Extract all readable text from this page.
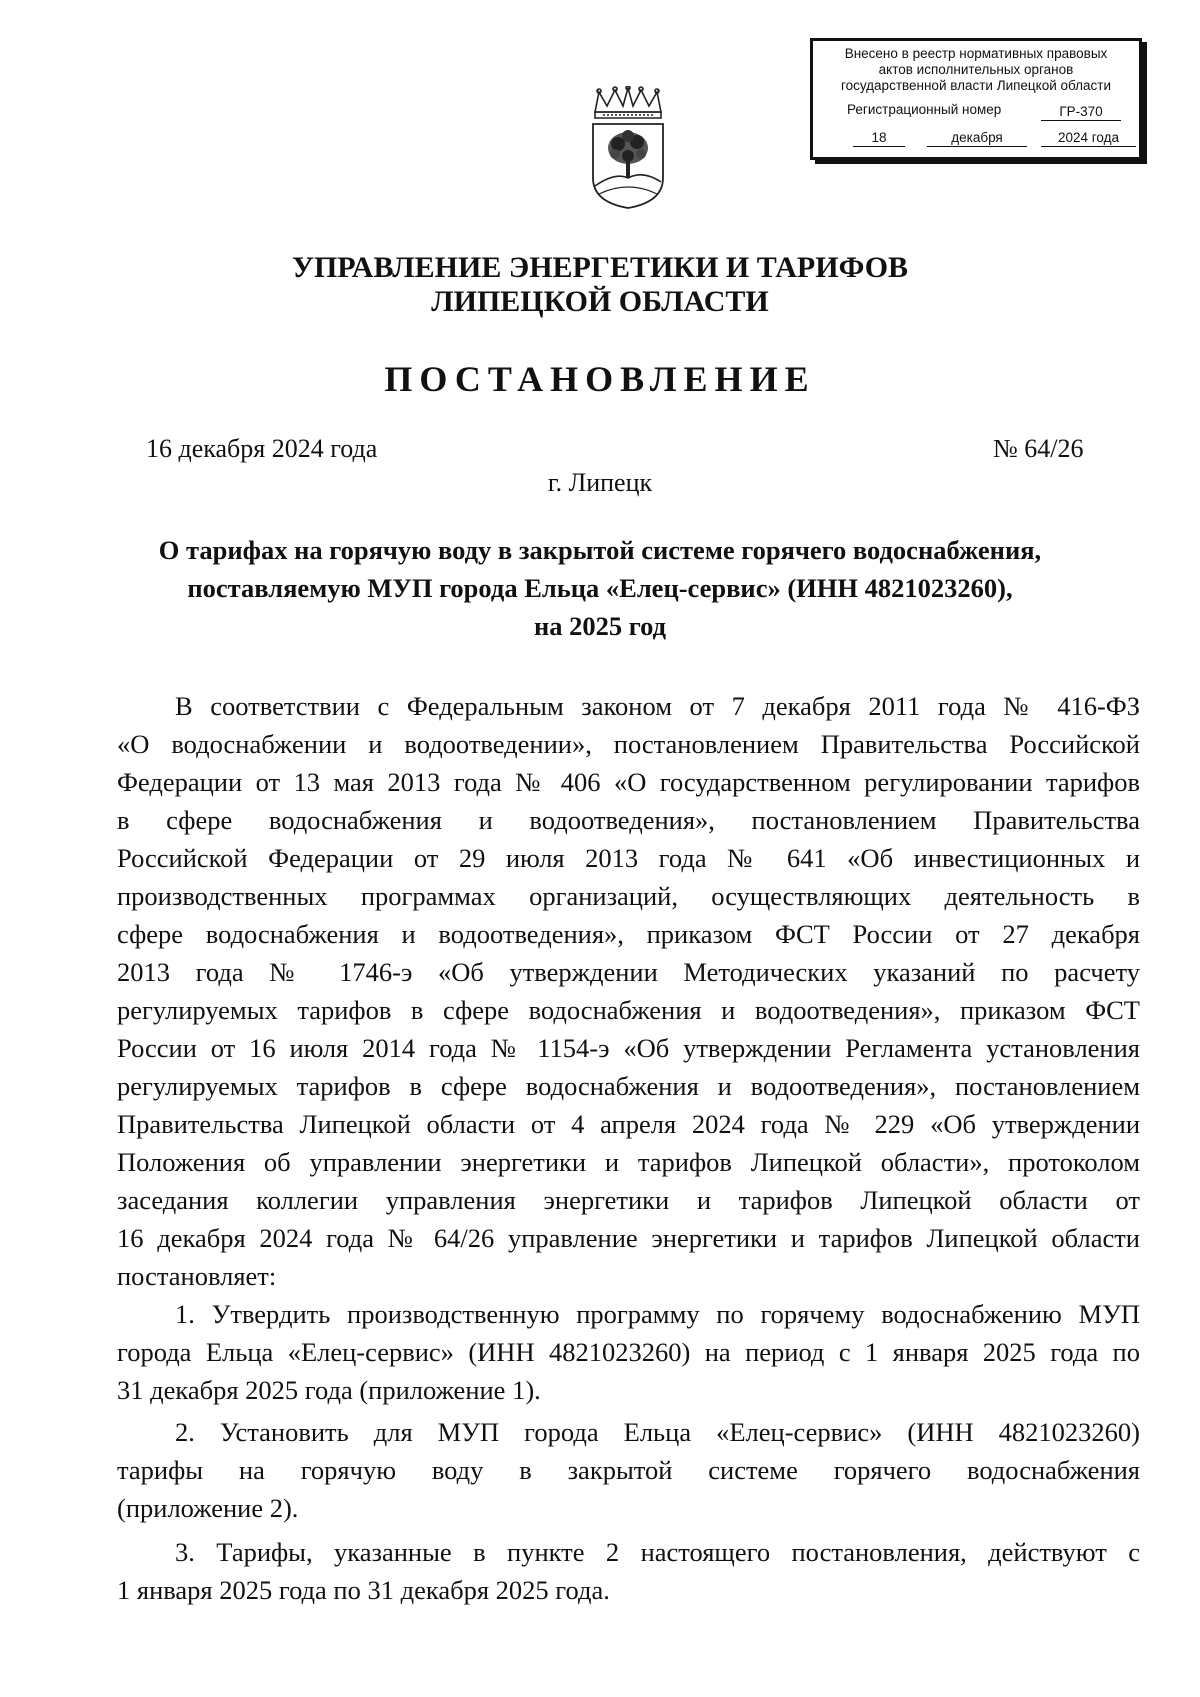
Внесено в реестр нормативных правовых
актов исполнительных органов
государственной власти Липецкой области
Регистрационный номер	ГР-370
18	декабря	2024 года
УПРАВЛЕНИЕ ЭНЕРГЕТИКИ И ТАРИФОВ
ЛИПЕЦКОЙ ОБЛАСТИ
ПОСТАНОВЛЕНИЕ
16 декабря 2024 года	№ 64/26
г. Липецк
О тарифах на горячую воду в закрытой системе горячего водоснабжения,
поставляемую МУП города Ельца «Елец-сервис» (ИНН 4821023260),
на 2025 год
В соответствии с Федеральным законом от 7 декабря 2011 года № 416-ФЗ
«О водоснабжении и водоотведении», постановлением Правительства Российской
Федерации от 13 мая 2013 года № 406 «О государственном регулировании тарифов
в сфере водоснабжения и водоотведения», постановлением Правительства
Российской Федерации от 29 июля 2013 года № 641 «Об инвестиционных и
производственных программах организаций, осуществляющих деятельность в
сфере водоснабжения и водоотведения», приказом ФСТ России от 27 декабря
2013 года № 1746-э «Об утверждении Методических указаний по расчету
регулируемых тарифов в сфере водоснабжения и водоотведения», приказом ФСТ
России от 16 июля 2014 года № 1154-э «Об утверждении Регламента установления
регулируемых тарифов в сфере водоснабжения и водоотведения», постановлением
Правительства Липецкой области от 4 апреля 2024 года № 229 «Об утверждении
Положения об управлении энергетики и тарифов Липецкой области», протоколом
заседания коллегии управления энергетики и тарифов Липецкой области от
16 декабря 2024 года № 64/26 управление энергетики и тарифов Липецкой области
постановляет:
1. Утвердить производственную программу по горячему водоснабжению МУП
города Ельца «Елец-сервис» (ИНН 4821023260) на период с 1 января 2025 года по
31 декабря 2025 года (приложение 1).
2. Установить для МУП города Ельца «Елец-сервис» (ИНН 4821023260)
тарифы на горячую воду в закрытой системе горячего водоснабжения
(приложение 2).
3. Тарифы, указанные в пункте 2 настоящего постановления, действуют с
1 января 2025 года по 31 декабря 2025 года.
